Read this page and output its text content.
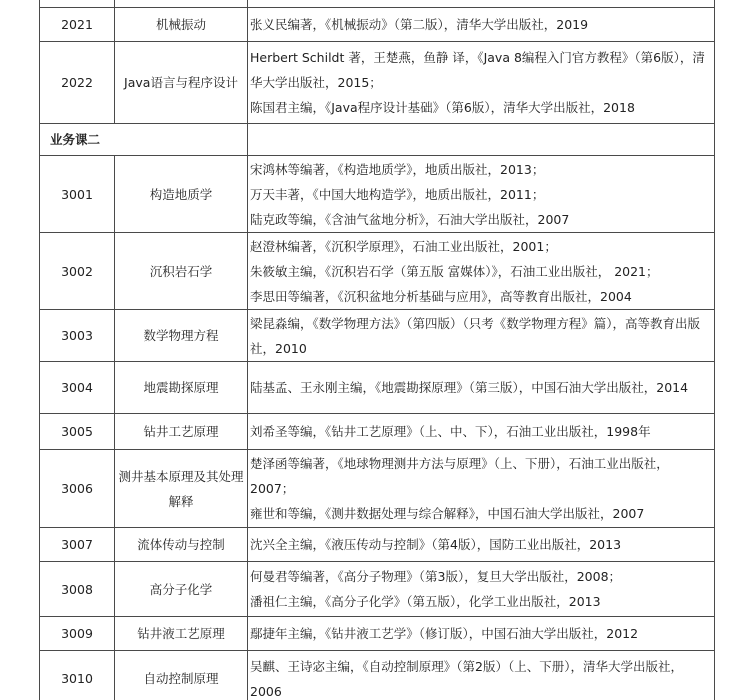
2021	机械振动	张义民编著，《机械振动》（第二版），清华大学出版社，2019

2022	Java语言与程序设计	Herbert Schildt 著，王楚燕，鱼静 译，《Java 8编程入门官方教程》（第6版），清华大学出版社，2015；
陈国君主编，《Java程序设计基础》（第6版），清华大学出版社，2018

业务课二		
3001	构造地质学	宋鸿林等编著，《构造地质学》，地质出版社，2013；
万天丰著，《中国大地构造学》，地质出版社，2011；
陆克政等编，《含油气盆地分析》，石油大学出版社，2007

3002	沉积岩石学	赵澄林编著，《沉积学原理》，石油工业出版社，2001；
朱筱敏主编，《沉积岩石学（第五版 富媒体）》，石油工业出版社， 2021；
李思田等编著，《沉积盆地分析基础与应用》，高等教育出版社，2004

3003	数学物理方程	梁昆淼编，《数学物理方法》（第四版）（只考《数学物理方程》篇），高等教育出版社，2010

3004	地震勘探原理	陆基孟、王永刚主编，《地震勘探原理》（第三版），中国石油大学出版社，2014

3005	钻井工艺原理	刘希圣等编，《钻井工艺原理》（上、中、下），石油工业出版社，1998年

3006	测井基本原理及其处理解释	楚泽函等编著，《地球物理测井方法与原理》（上、下册），石油工业出版社，2007；
雍世和等编，《测井数据处理与综合解释》，中国石油大学出版社，2007

3007	流体传动与控制	沈兴全主编，《液压传动与控制》（第4版），国防工业出版社，2013

3008	高分子化学	何曼君等编著，《高分子物理》（第3版），复旦大学出版社，2008；
潘祖仁主编，《高分子化学》（第五版），化学工业出版社，2013

3009	钻井液工艺原理	鄢捷年主编，《钻井液工艺学》（修订版），中国石油大学出版社，2012

3010	自动控制原理	吴麒、王诗宓主编，《自动控制原理》（第2版）（上、下册），清华大学出版社，2006
